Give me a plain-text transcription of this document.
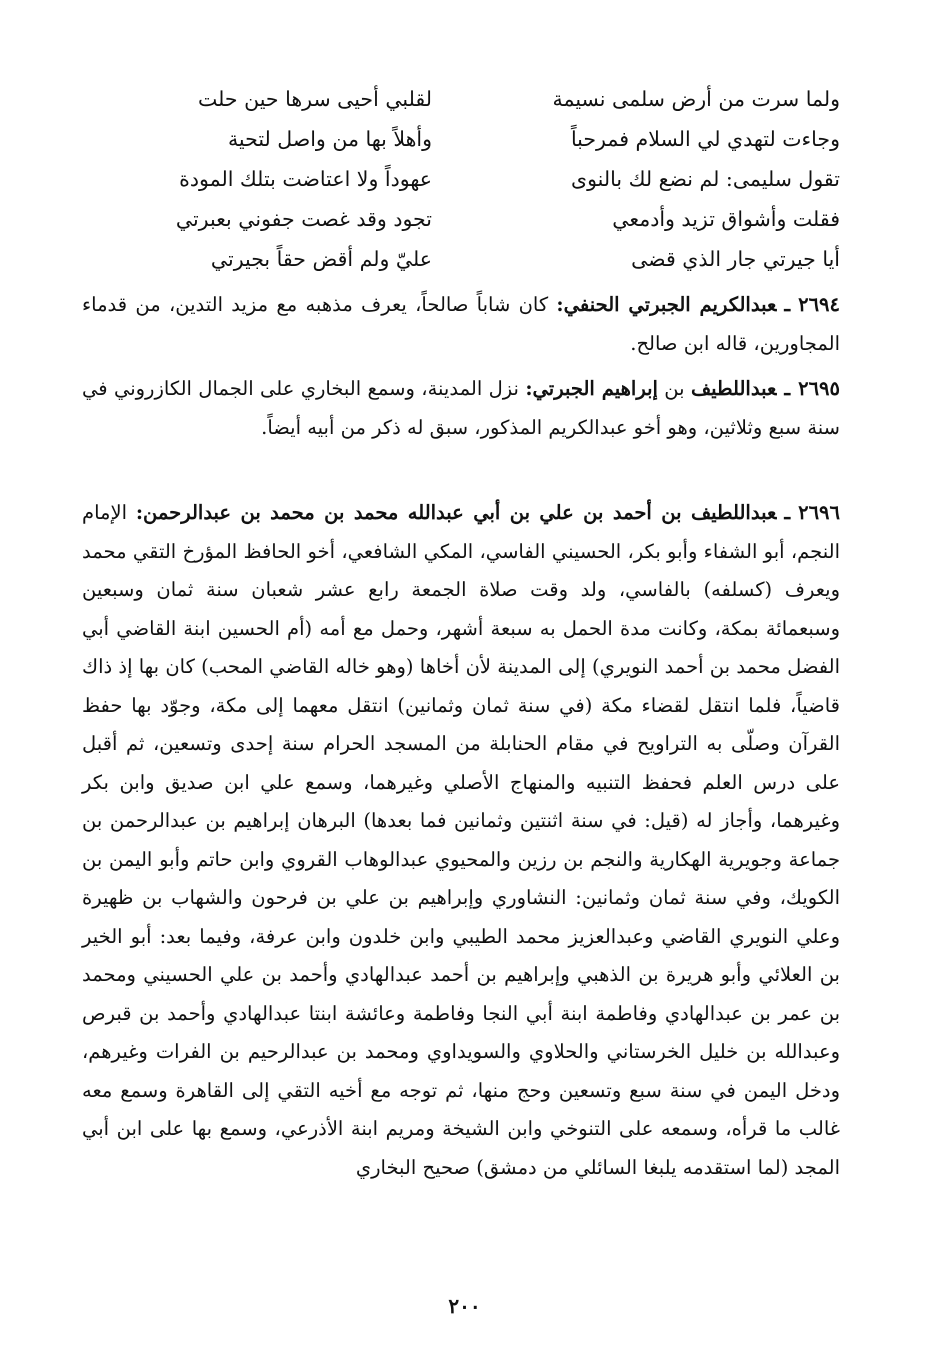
ولما سرت من أرض سلمى نسيمة
لقلبي أحيى سرها حين حلت
وجاءت لتهدي لي السلام فمرحباً
وأهلاً بها من واصل لتحية
تقول سليمى: لم نضع لك بالنوى
عهوداً ولا اعتاضت بتلك المودة
فقلت وأشواق تزيد وأدمعي
تجود وقد غصت جفوني بعبرتي
أيا جيرتي جار الذي قضى
عليّ ولم أقض حقاً بجيرتي

٢٦٩٤ـعبدالكريم الجبرتي الحنفي: كان شاباً صالحاً، يعرف مذهبه مع مزيد التدين، من قدماء المجاورين، قاله ابن صالح.

٢٦٩٥ـعبداللطيف بن إبراهيم الجبرتي: نزل المدينة، وسمع البخاري على الجمال الكازروني في سنة سبع وثلاثين، وهو أخو عبدالكريم المذكور، سبق له ذكر من أبيه أيضاً.

٢٦٩٦ـعبداللطيف بن أحمد بن علي بن أبي عبدالله محمد بن محمد بن عبدالرحمن: الإمام النجم، أبو الشفاء وأبو بكر، الحسيني الفاسي، المكي الشافعي، أخو الحافظ المؤرخ التقي محمد ويعرف (كسلفه) بالفاسي، ولد وقت صلاة الجمعة رابع عشر شعبان سنة ثمان وسبعين وسبعمائة بمكة، وكانت مدة الحمل به سبعة أشهر، وحمل مع أمه (أم الحسين ابنة القاضي أبي الفضل محمد بن أحمد النويري) إلى المدينة لأن أخاها (وهو خاله القاضي المحب) كان بها إذ ذاك قاضياً، فلما انتقل لقضاء مكة (في سنة ثمان وثمانين) انتقل معهما إلى مكة، وجوّد بها حفظ القرآن وصلّى به التراويح في مقام الحنابلة من المسجد الحرام سنة إحدى وتسعين، ثم أقبل على درس العلم فحفظ التنبيه والمنهاج الأصلي وغيرهما، وسمع علي ابن صديق وابن بكر وغيرهما، وأجاز له (قيل: في سنة اثنتين وثمانين فما بعدها) البرهان إبراهيم بن عبدالرحمن بن جماعة وجويرية الهكارية والنجم بن رزين والمحيوي عبدالوهاب القروي وابن حاتم وأبو اليمن بن الكويك، وفي سنة ثمان وثمانين: النشاوري وإبراهيم بن علي بن فرحون والشهاب بن ظهيرة وعلي النويري القاضي وعبدالعزيز محمد الطيبي وابن خلدون وابن عرفة، وفيما بعد: أبو الخير بن العلائي وأبو هريرة بن الذهبي وإبراهيم بن أحمد عبدالهادي وأحمد بن علي الحسيني ومحمد بن عمر بن عبدالهادي وفاطمة ابنة أبي النجا وفاطمة وعائشة ابنتا عبدالهادي وأحمد بن قبرص وعبدالله بن خليل الخرستاني والحلاوي والسويداوي ومحمد بن عبدالرحيم بن الفرات وغيرهم، ودخل اليمن في سنة سبع وتسعين وحج منها، ثم توجه مع أخيه التقي إلى القاهرة وسمع معه غالب ما قرأه، وسمعه على التنوخي وابن الشيخة ومريم ابنة الأذرعي، وسمع بها على ابن أبي المجد (لما استقدمه يلبغا السائلي من دمشق) صحيح البخاري

٢٠٠
